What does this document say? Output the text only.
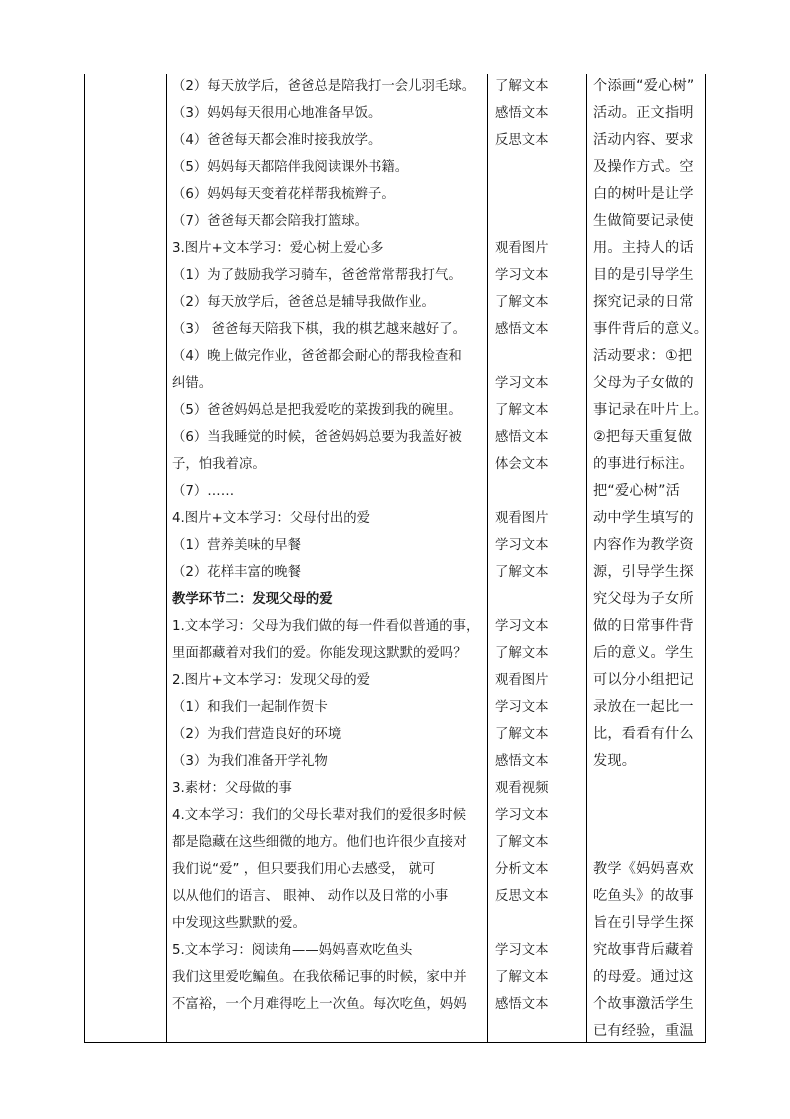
（2）每天放学后，爸爸总是陪我打一会儿羽毛球。
（3）妈妈每天很用心地准备早饭。
（4）爸爸每天都会准时接我放学。
（5）妈妈每天都陪伴我阅读课外书籍。
（6）妈妈每天变着花样帮我梳辫子。
（7）爸爸每天都会陪我打篮球。
3.图片+文本学习：爱心树上爱心多
（1）为了鼓励我学习骑车，爸爸常常帮我打气。
（2）每天放学后，爸爸总是辅导我做作业。
（3） 爸爸每天陪我下棋，我的棋艺越来越好了。
（4）晚上做完作业，爸爸都会耐心的帮我检查和
纠错。
（5）爸爸妈妈总是把我爱吃的菜拨到我的碗里。
（6）当我睡觉的时候，爸爸妈妈总要为我盖好被
子，怕我着凉。
（7）……
4.图片+文本学习：父母付出的爱
（1）营养美味的早餐
（2）花样丰富的晚餐
教学环节二：发现父母的爱
1.文本学习：父母为我们做的每一件看似普通的事，
里面都藏着对我们的爱。你能发现这默默的爱吗？
2.图片+文本学习：发现父母的爱
（1）和我们一起制作贺卡
（2）为我们营造良好的环境
（3）为我们准备开学礼物
3.素材：父母做的事
4.文本学习：我们的父母长辈对我们的爱很多时候
都是隐藏在这些细微的地方。他们也许很少直接对
我们说“爱” ，但只要我们用心去感受， 就可
以从他们的语言、 眼神、 动作以及日常的小事
中发现这些默默的爱。
5.文本学习：阅读角——妈妈喜欢吃鱼头
我们这里爱吃鳊鱼。在我依稀记事的时候，家中并
不富裕，一个月难得吃上一次鱼。每次吃鱼，妈妈
了解文本
感悟文本
反思文本
观看图片
学习文本
了解文本
感悟文本
学习文本
了解文本
感悟文本
体会文本
观看图片
学习文本
了解文本
学习文本
了解文本
观看图片
学习文本
了解文本
感悟文本
观看视频
学习文本
了解文本
分析文本
反思文本
学习文本
了解文本
感悟文本
个添画“爱心树”
活动。正文指明
活动内容、要求
及操作方式。空
白的树叶是让学
生做简要记录使
用。主持人的话
目的是引导学生
探究记录的日常
事件背后的意义。
活动要求：①把
父母为子女做的
事记录在叶片上。
②把每天重复做
的事进行标注。
把“爱心树”活
动中学生填写的
内容作为教学资
源，引导学生探
究父母为子女所
做的日常事件背
后的意义。学生
可以分小组把记
录放在一起比一
比，看看有什么
发现。
教学《妈妈喜欢
吃鱼头》的故事
旨在引导学生探
究故事背后藏着
的母爱。通过这
个故事激活学生
已有经验，重温
